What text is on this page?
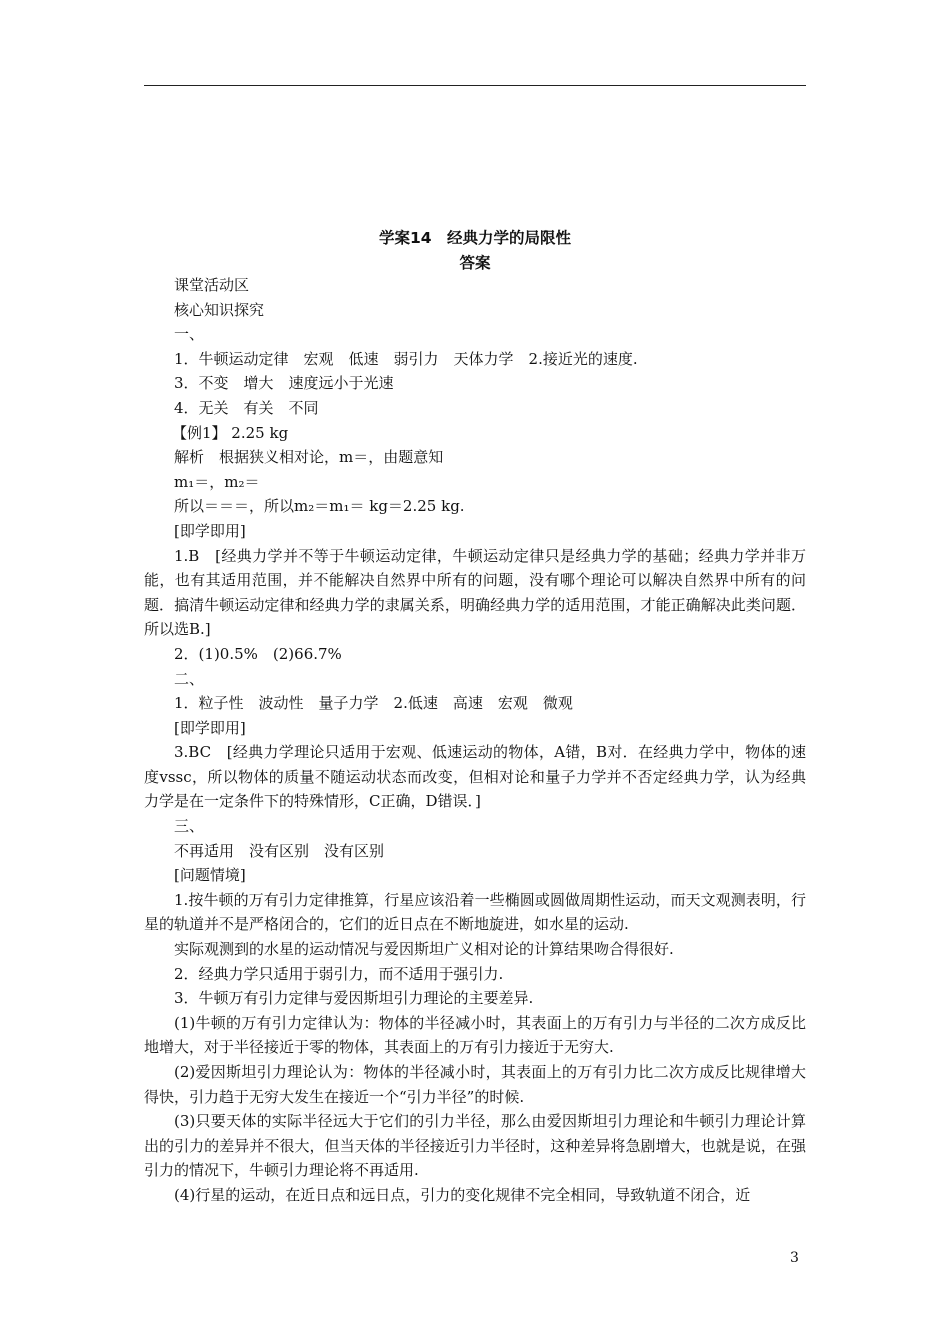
学案14　经典力学的局限性
答案
课堂活动区
核心知识探究
一、
1．牛顿运动定律　宏观　低速　弱引力　天体力学　2.接近光的速度.
3．不变　增大　速度远小于光速
4．无关　有关　不同
【例1】 2.25 kg
解析　根据狭义相对论，m＝，由题意知
m₁＝，m₂＝
所以＝＝＝，所以m₂＝m₁＝ kg＝2.25 kg.
[即学即用]
1.B　[经典力学并不等于牛顿运动定律，牛顿运动定律只是经典力学的基础；经典力学并非万能，也有其适用范围，并不能解决自然界中所有的问题，没有哪个理论可以解决自然界中所有的问题．搞清牛顿运动定律和经典力学的隶属关系，明确经典力学的适用范围，才能正确解决此类问题．所以选B.]
2．(1)0.5%　(2)66.7%
二、
1．粒子性　波动性　量子力学　2.低速　高速　宏观　微观
[即学即用]
3.BC　[经典力学理论只适用于宏观、低速运动的物体，A错，B对．在经典力学中，物体的速度vssc，所以物体的质量不随运动状态而改变，但相对论和量子力学并不否定经典力学，认为经典力学是在一定条件下的特殊情形，C正确，D错误．]
三、
不再适用　没有区别　没有区别
[问题情境]
1.按牛顿的万有引力定律推算，行星应该沿着一些椭圆或圆做周期性运动，而天文观测表明，行星的轨道并不是严格闭合的，它们的近日点在不断地旋进，如水星的运动.
实际观测到的水星的运动情况与爱因斯坦广义相对论的计算结果吻合得很好.
2．经典力学只适用于弱引力，而不适用于强引力.
3．牛顿万有引力定律与爱因斯坦引力理论的主要差异.
(1)牛顿的万有引力定律认为：物体的半径减小时，其表面上的万有引力与半径的二次方成反比地增大，对于半径接近于零的物体，其表面上的万有引力接近于无穷大.
(2)爱因斯坦引力理论认为：物体的半径减小时，其表面上的万有引力比二次方成反比规律增大得快，引力趋于无穷大发生在接近一个“引力半径”的时候.
(3)只要天体的实际半径远大于它们的引力半径，那么由爱因斯坦引力理论和牛顿引力理论计算出的引力的差异并不很大，但当天体的半径接近引力半径时，这种差异将急剧增大，也就是说，在强引力的情况下，牛顿引力理论将不再适用.
(4)行星的运动，在近日点和远日点，引力的变化规律不完全相同，导致轨道不闭合，近
3
